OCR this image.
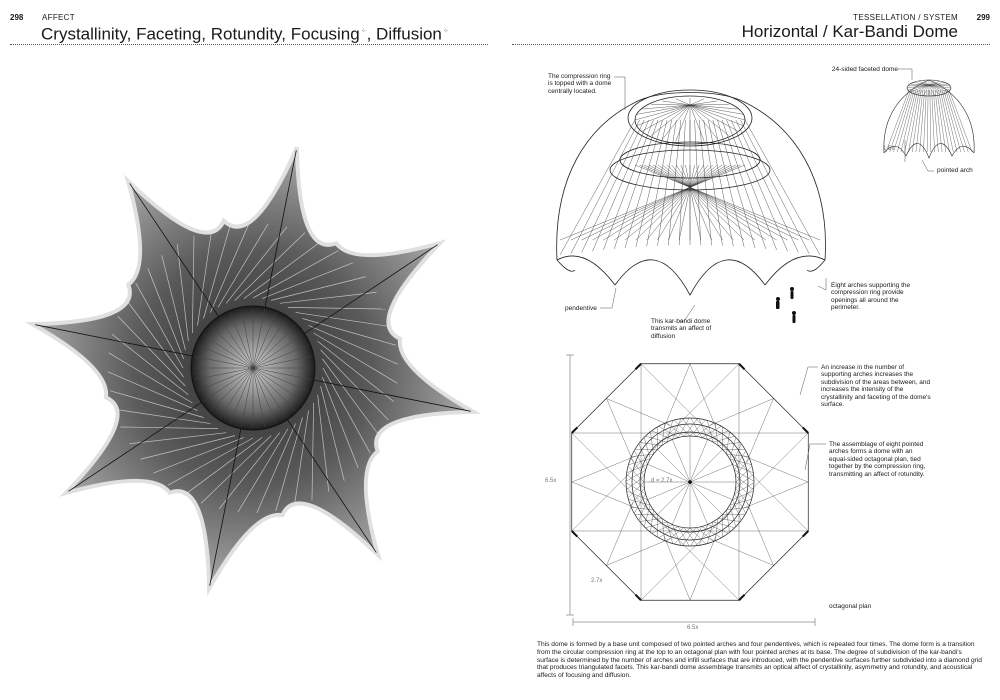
298 AFFECT
Crystallinity, Faceting, Rotundity, Focusing⁘, Diffusion⁘
299
TESSELLATION / SYSTEM
Horizontal / Kar-Bandi Dome
The compression ring is topped with a dome centrally located.
24-sided faceted dome
pointed arch
1.5x
pendentive
Eight arches supporting the compression ring provide openings all around the perimeter.
This kar-bandi dome transmits an affect of diffusion
An increase in the number of supporting arches increases the subdivision of the areas between, and increases the intensity of the crystallinity and faceting of the dome's surface.
The assemblage of eight pointed arches forms a dome with an equal-sided octagonal plan, tied together by the compression ring, transmitting an affect of rotundity.
octagonal plan
6.5x
2.7x
6.5x
d = 2.7x
This dome is formed by a base unit composed of two pointed arches and four pendentives, which is repeated four times. The dome form is a transition from the circular compression ring at the top to an octagonal plan with four pointed arches at its base. The degree of subdivision of the kar-bandi's surface is determined by the number of arches and infill surfaces that are introduced, with the pendentive surfaces further subdivided into a diamond grid that produces triangulated facets. This kar-bandi dome assemblage transmits an optical affect of crystallinity, asymmetry and rotundity, and acoustical affects of focusing and diffusion.
